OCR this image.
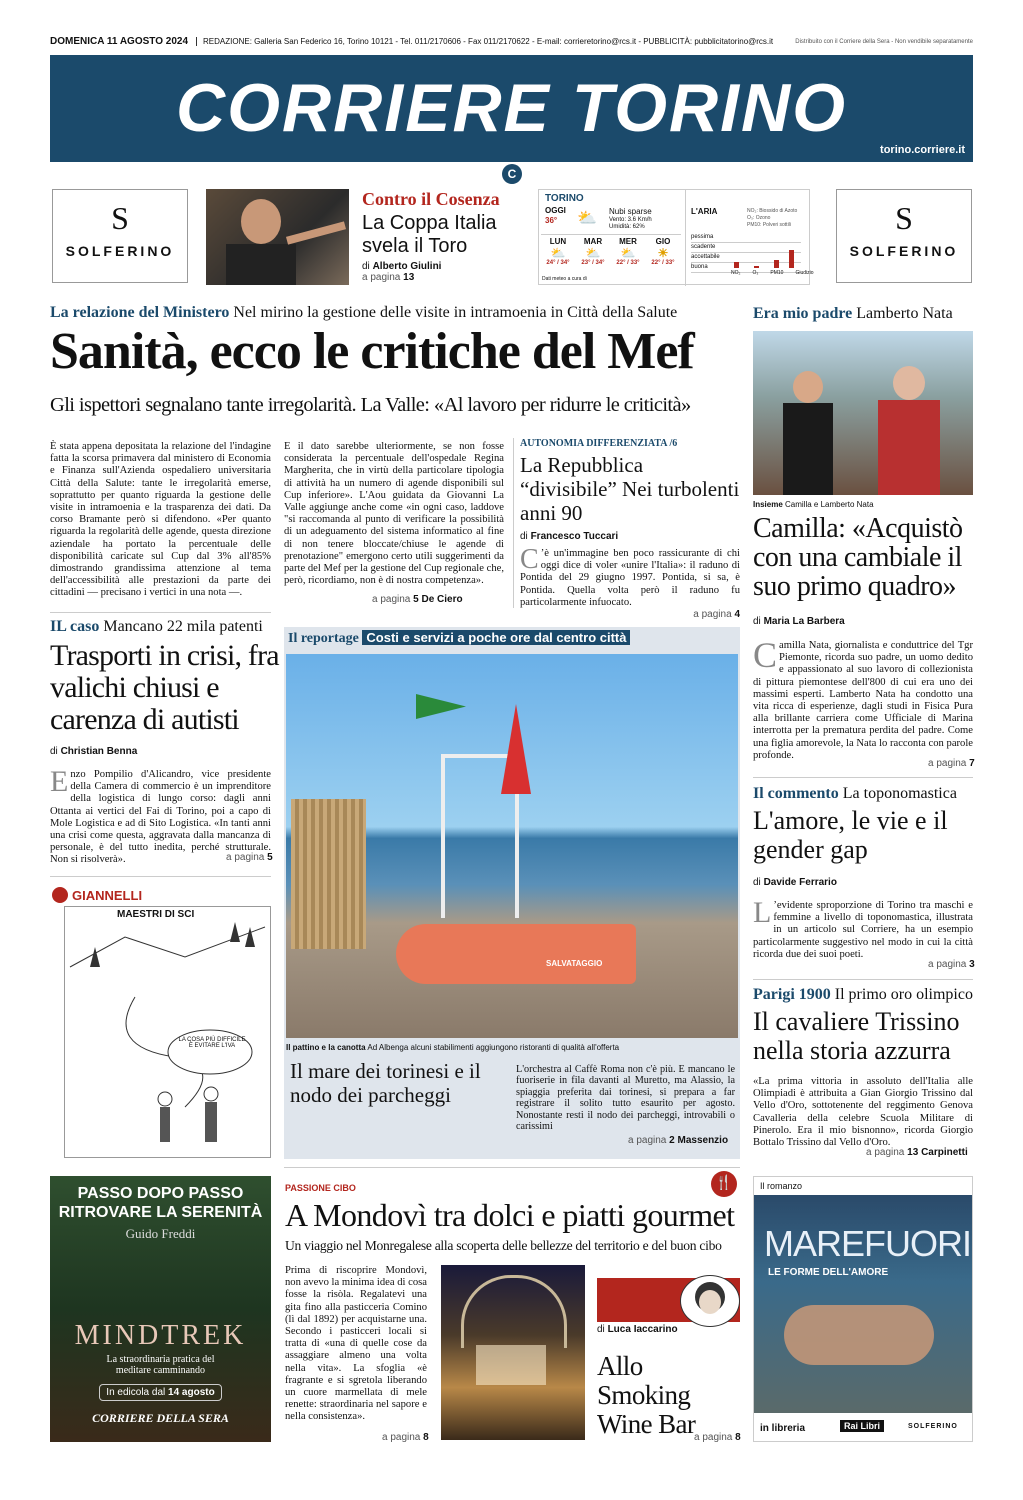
DOMENICA 11 AGOSTO 2024	REDAZIONE: Galleria San Federico 16, Torino 10121 - Tel. 011/2170606 - Fax 011/2170622 - E-mail: corrieretorino@rcs.it - PUBBLICITÀ: pubblicitatorino@rcs.it	Distribuito con il Corriere della Sera - Non vendibile separatamente
CORRIERE TORINO
torino.corriere.it
C
S
SOLFERINO
S
SOLFERINO
Contro il Cosenza
La Coppa Italia svela il Toro
di Alberto Giulini
a pagina 13
TORINO
OGGI
36° ⛅ Nubi sparse
Vento: 3.6 Km/h
Umidità: 62%
LUN
⛅
24° / 34°
MAR
⛅
23° / 34°
MER
⛅
22° / 33°
GIO
☀
22° / 33°
Dati meteo a cura di
L'ARIA	NO₂: Biossido di Azoto
O₃: Ozono
PM10: Polveri sottili
pessima
scadente
accettabile
buona
NO₂ O₃ PM10 Giudizio
La relazione del Ministero Nel mirino la gestione delle visite in intramoenia in Città della Salute
Sanità, ecco le critiche del Mef
Gli ispettori segnalano tante irregolarità. La Valle: «Al lavoro per ridurre le criticità»
È stata appena depositata la relazione del l'indagine fatta la scorsa primavera dal ministero di Economia e Finanza sull'Azienda ospedaliero universitaria Città della Salute: tante le irregolarità emerse, soprattutto per quanto riguarda la gestione delle visite in intramoenia e la trasparenza dei dati. Da corso Bramante però si difendono. «Per quanto riguarda la regolarità delle agende, questa direzione aziendale ha portato la percentuale delle disponibilità caricate sul Cup dal 3% all'85% dimostrando grandissima attenzione al tema dell'accessibilità alle prestazioni da parte dei cittadini — precisano i vertici in una nota —.
E il dato sarebbe ulteriormente, se non fosse considerata la percentuale dell'ospedale Regina Margherita, che in virtù della particolare tipologia di attività ha un numero di agende disponibili sul Cup inferiore». L'Aou guidata da Giovanni La Valle aggiunge anche come «in ogni caso, laddove "si raccomanda al punto di verificare la possibilità di un adeguamento del sistema informatico al fine di non tenere bloccate/chiuse le agende di prenotazione" emergono certo utili suggerimenti da parte del Mef per la gestione del Cup regionale che, però, ricordiamo, non è di nostra competenza».
a pagina 5 De Ciero
AUTONOMIA DIFFERENZIATA /6
La Repubblica “divisibile” Nei turbolenti anni 90
di Francesco Tuccari
C ’è un'immagine ben poco rassicurante di chi oggi dice di voler «unire l'Italia»: il raduno di Pontida del 29 giugno 1997. Pontida, si sa, è Pontida. Quella volta però il raduno fu particolarmente infuocato.
a pagina 4
Era mio padre Lamberto Nata
Insieme Camilla e Lamberto Nata
Camilla: «Acquistò con una cambiale il suo primo quadro»
di Maria La Barbera
Camilla Nata, giornalista e conduttrice del Tgr Piemonte, ricorda suo padre, un uomo dedito e appassionato al suo lavoro di collezionista di pittura piemontese dell'800 di cui era uno dei massimi esperti. Lamberto Nata ha condotto una vita ricca di esperienze, dagli studi in Fisica Pura alla brillante carriera come Ufficiale di Marina interrotta per la prematura perdita del padre. Come una figlia amorevole, la Nata lo racconta con parole profonde.
a pagina 7
IL caso Mancano 22 mila patenti
Trasporti in crisi, fra valichi chiusi e carenza di autisti
di Christian Benna
Enzo Pompilio d'Alicandro, vice presidente della Camera di commercio è un imprenditore della logistica di lungo corso: dagli anni Ottanta ai vertici del Fai di Torino, poi a capo di Mole Logistica e ad di Sito Logistica. «In tanti anni una crisi come questa, aggravata dalla mancanza di personale, è del tutto inedita, perché strutturale. Non si risolverà».	a pagina 5
GIANNELLI
MAESTRI DI SCI
LA COSA PIÙ DIFFICILE È EVITARE L'IVA
Il reportage Costi e servizi a poche ore dal centro città
SALVATAGGIO
Il pattino e la canotta Ad Albenga alcuni stabilimenti aggiungono ristoranti di qualità all'offerta
Il mare dei torinesi e il nodo dei parcheggi
L'orchestra al Caffè Roma non c'è più. E mancano le fuoriserie in fila davanti al Muretto, ma Alassio, la spiaggia preferita dai torinesi, si prepara a far registrare il solito tutto esaurito per agosto. Nonostante resti il nodo dei parcheggi, introvabili o carissimi
a pagina 2 Massenzio
Il commento La toponomastica
L'amore, le vie e il gender gap
di Davide Ferrario
L ’evidente sproporzione di Torino tra maschi e femmine a livello di toponomastica, illustrata in un articolo sul Corriere, ha un esempio particolarmente suggestivo nel modo in cui la città ricorda due dei suoi poeti.
a pagina 3
Parigi 1900 Il primo oro olimpico
Il cavaliere Trissino nella storia azzurra
«La prima vittoria in assoluto dell'Italia alle Olimpiadi è attribuita a Gian Giorgio Trissino dal Vello d'Oro, sottotenente del reggimento Genova Cavalleria della celebre Scuola Militare di Pinerolo. Era il mio bisnonno», ricorda Giorgio Bottalo Trissino dal Vello d'Oro.
a pagina 13 Carpinetti
PASSO DOPO PASSO
RITROVARE LA SERENITÀ
Guido Freddi
MINDTREK
La straordinaria pratica del meditare camminando
In edicola dal 14 agosto
CORRIERE DELLA SERA
PASSIONE CIBO	🍴
A Mondovì tra dolci e piatti gourmet
Un viaggio nel Monregalese alla scoperta delle bellezze del territorio e del buon cibo
Prima di riscoprire Mondovì, non avevo la minima idea di cosa fosse la risòla. Regalatevi una gita fino alla pasticceria Comino (lì dal 1892) per acquistarne una. Secondo i pasticceri locali si tratta di «una di quelle cose da assaggiare almeno una volta nella vita». La sfoglia «è fragrante e si sgretola liberando un cuore marmellata di mele renette: straordinaria nel sapore e nella consistenza».
a pagina 8
di Luca Iaccarino
Allo Smoking Wine Bar
a pagina 8
Il romanzo
MAREFUORI
LE FORME DELL'AMORE
in libreria	Rai Libri	SOLFERINO
